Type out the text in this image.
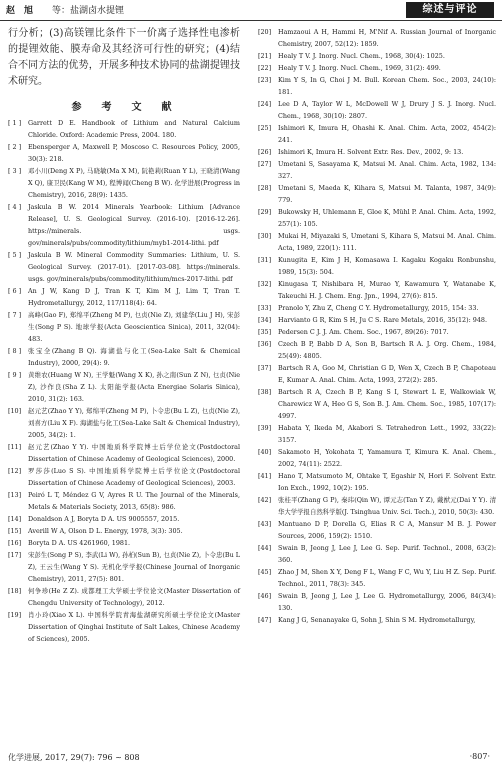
赵　旭 等：盐湖卤水提锂	综述与评论

行分析；(3)高镁锂比条件下一价离子选择性电渗析的提锂效能、膜寿命及其经济可行性的研究；(4)结合不同方法的优势，开展多种技术协同的盐湖提锂技术研究。

参　考　文　献
[ 1 ]	Garrett D E. Handbook of Lithium and Natural Calcium Chloride. Oxford: Academic Press, 2004. 180.
[ 2 ]	Ebensperger A, Maxwell P, Moscoso C. Resources Policy, 2005, 30(3): 218.
[ 3 ]	邓小川(Deng X P), 马晓敏(Ma X M), 阮艳莉(Ruan Y L), 王晓清(Wang X Q), 康卫民(Kang W M), 程博闻(Cheng B W). 化学进展(Progress in Chemistry), 2016, 28(9): 1435.
[ 4 ]	Jaskula B W. 2014 Minerals Yearbook: Lithium [Advance Release], U. S. Geological Survey. (2016-10). [2016-12-26]. https://minerals. usgs. gov/minerals/pubs/commodity/lithium/myb1-2014-lithi. pdf
[ 5 ]	Jaskula B W. Mineral Commodity Summaries: Lithium, U. S. Geological Survey. (2017-01). [2017-03-08]. https://minerals. usgs. gov/minerals/pubs/commodity/lithium/mcs-2017-lithi. pdf
[ 6 ]	An J W, Kang D J, Tran K T, Kim M J, Lim T, Tran T. Hydrometallurgy, 2012, 117/118(4): 64.
[ 7 ]	高峰(Gao F), 郑绵平(Zheng M P), 乜贞(Nie Z), 刘建华(Liu J H), 宋彭生(Song P S). 地球学报(Acta Geoscientica Sinica), 2011, 32(04): 483.
[ 8 ]	张宝全(Zhang B Q). 海湖盐与化工(Sea-Lake Salt & Chemical Industry), 2000, 29(4): 9.
[ 9 ]	黄维农(Huang W N), 王学魁(Wang X K), 孙之南(Sun Z N), 乜贞(Nie Z), 沙作良(Sha Z L). 太阳能学报(Acta Energiae Solaris Sinica), 2010, 31(2): 163.
[10]	赵元艺(Zhao Y Y), 郑绵平(Zheng M P), 卜令忠(Bu L Z), 乜贞(Nie Z), 刘喜方(Liu X F). 海湖盐与化工(Sea-Lake Salt & Chemical Industry), 2005, 34(2): 1.
[11]	赵元艺(Zhao Y Y). 中国地质科学院博士后学位论文(Postdoctoral Dissertation of Chinese Academy of Geological Sciences), 2000.
[12]	罗莎莎(Luo S S). 中国地质科学院博士后学位论文(Postdoctoral Dissertation of Chinese Academy of Geological Sciences), 2003.
[13]	Peiró L T, Méndez G V, Ayres R U. The Journal of the Minerals, Metals & Materials Society, 2013, 65(8): 986.
[14]	Donaldson A J, Boryta D A. US 9005557, 2015.
[15]	Averill W A, Olson D L. Energy, 1978, 3(3): 305.
[16]	Boryta D A. US 4261960, 1981.
[17]	宋彭生(Song P S), 李武(Li W), 孙柏(Sun B), 乜贞(Nie Z), 卜令忠(Bu L Z), 王云生(Wang Y S). 无机化学学报(Chinese Journal of Inorganic Chemistry), 2011, 27(5): 801.
[18]	何争珍(He Z Z). 成都理工大学硕士学位论文(Master Dissertation of Chengdu University of Technology), 2012.
[19]	肖小玲(Xiao X L). 中国科学院青海盐湖研究所硕士学位论文(Master Dissertation of Qinghai Institute of Salt Lakes, Chinese Academy of Sciences), 2005.
[20]	Hamzaoui A H, Hammi H, M'Nif A. Russian Journal of Inorganic Chemistry, 2007, 52(12): 1859.
[21]	Healy T V. J. Inorg. Nucl. Chem., 1968, 30(4): 1025.
[22]	Healy T V. J. Inorg. Nucl. Chem., 1969, 31(2): 499.
[23]	Kim Y S, In G, Choi J M. Bull. Korean Chem. Soc., 2003, 24(10): 181.
[24]	Lee D A, Taylor W L, McDowell W J, Drury J S. J. Inorg. Nucl. Chem., 1968, 30(10): 2807.
[25]	Ishimori K, Imura H, Ohashi K. Anal. Chim. Acta, 2002, 454(2): 241.
[26]	Ishimori K, Imura H. Solvent Extr. Res. Dev., 2002, 9: 13.
[27]	Umetani S, Sasayama K, Matsui M. Anal. Chim. Acta, 1982, 134: 327.
[28]	Umetani S, Maeda K, Kihara S, Matsui M. Talanta, 1987, 34(9): 779.
[29]	Bukowsky H, Uhlemann E, Gloe K, Mühl P. Anal. Chim. Acta, 1992, 257(1): 105.
[30]	Mukai H, Miyazaki S, Umetani S, Kihara S, Matsui M. Anal. Chim. Acta, 1989, 220(1): 111.
[31]	Kunugita E, Kim J H, Komasawa I. Kagaku Kogaku Ronbunshu, 1989, 15(3): 504.
[32]	Kinugasa T, Nishibara H, Murao Y, Kawamura Y, Watanabe K, Takeuchi H. J. Chem. Eng. Jpn., 1994, 27(6): 815.
[33]	Pranolo Y, Zhu Z, Cheng C Y. Hydrometallurgy, 2015, 154: 33.
[34]	Harvianto G R, Kim S H, Ju C S. Rare Metals, 2016, 35(12): 948.
[35]	Pedersen C J. J. Am. Chem. Soc., 1967, 89(26): 7017.
[36]	Czech B P, Babb D A, Son B, Bartsch R A. J. Org. Chem., 1984, 25(49): 4805.
[37]	Bartsch R A, Goo M, Christian G D, Wen X, Czech B P, Chapoteau E, Kumar A. Anal. Chim. Acta, 1993, 272(2): 285.
[38]	Bartsch R A, Czech B P, Kang S I, Stewart L E, Walkowiak W, Charewicz W A, Heo G S, Son B. J. Am. Chem. Soc., 1985, 107(17): 4997.
[39]	Habata Y, Ikeda M, Akabori S. Tetrahedron Lett., 1992, 33(22): 3157.
[40]	Sakamoto H, Yokohata T, Yamamura T, Kimura K. Anal. Chem., 2002, 74(11): 2522.
[41]	Hano T, Matsumoto M, Ohtake T, Egashir N, Hori F. Solvent Extr. Ion Exch., 1992, 10(2): 195.
[42]	张桂平(Zhang G P), 秦玮(Qin W), 谭元志(Tan Y Z), 戴猷元(Dai Y Y). 清华大学学报自然科学版(J. Tsinghua Univ. Sci. Tech.), 2010, 50(3): 430.
[43]	Mantuano D P, Dorella G, Elias R C A, Mansur M B. J. Power Sources, 2006, 159(2): 1510.
[44]	Swain B, Jeong J, Lee J, Lee G. Sep. Purif. Technol., 2008, 63(2): 360.
[45]	Zhao J M, Shen X Y, Deng F L, Wang F C, Wu Y, Liu H Z. Sep. Purif. Technol., 2011, 78(3): 345.
[46]	Swain B, Jeong J, Lee J, Lee G. Hydrometallurgy, 2006, 84(3/4): 130.
[47]	Kang J G, Senanayake G, Sohn J, Shin S M. Hydrometallurgy,
化学进展, 2017, 29(7): 796 ~ 808	·807·
